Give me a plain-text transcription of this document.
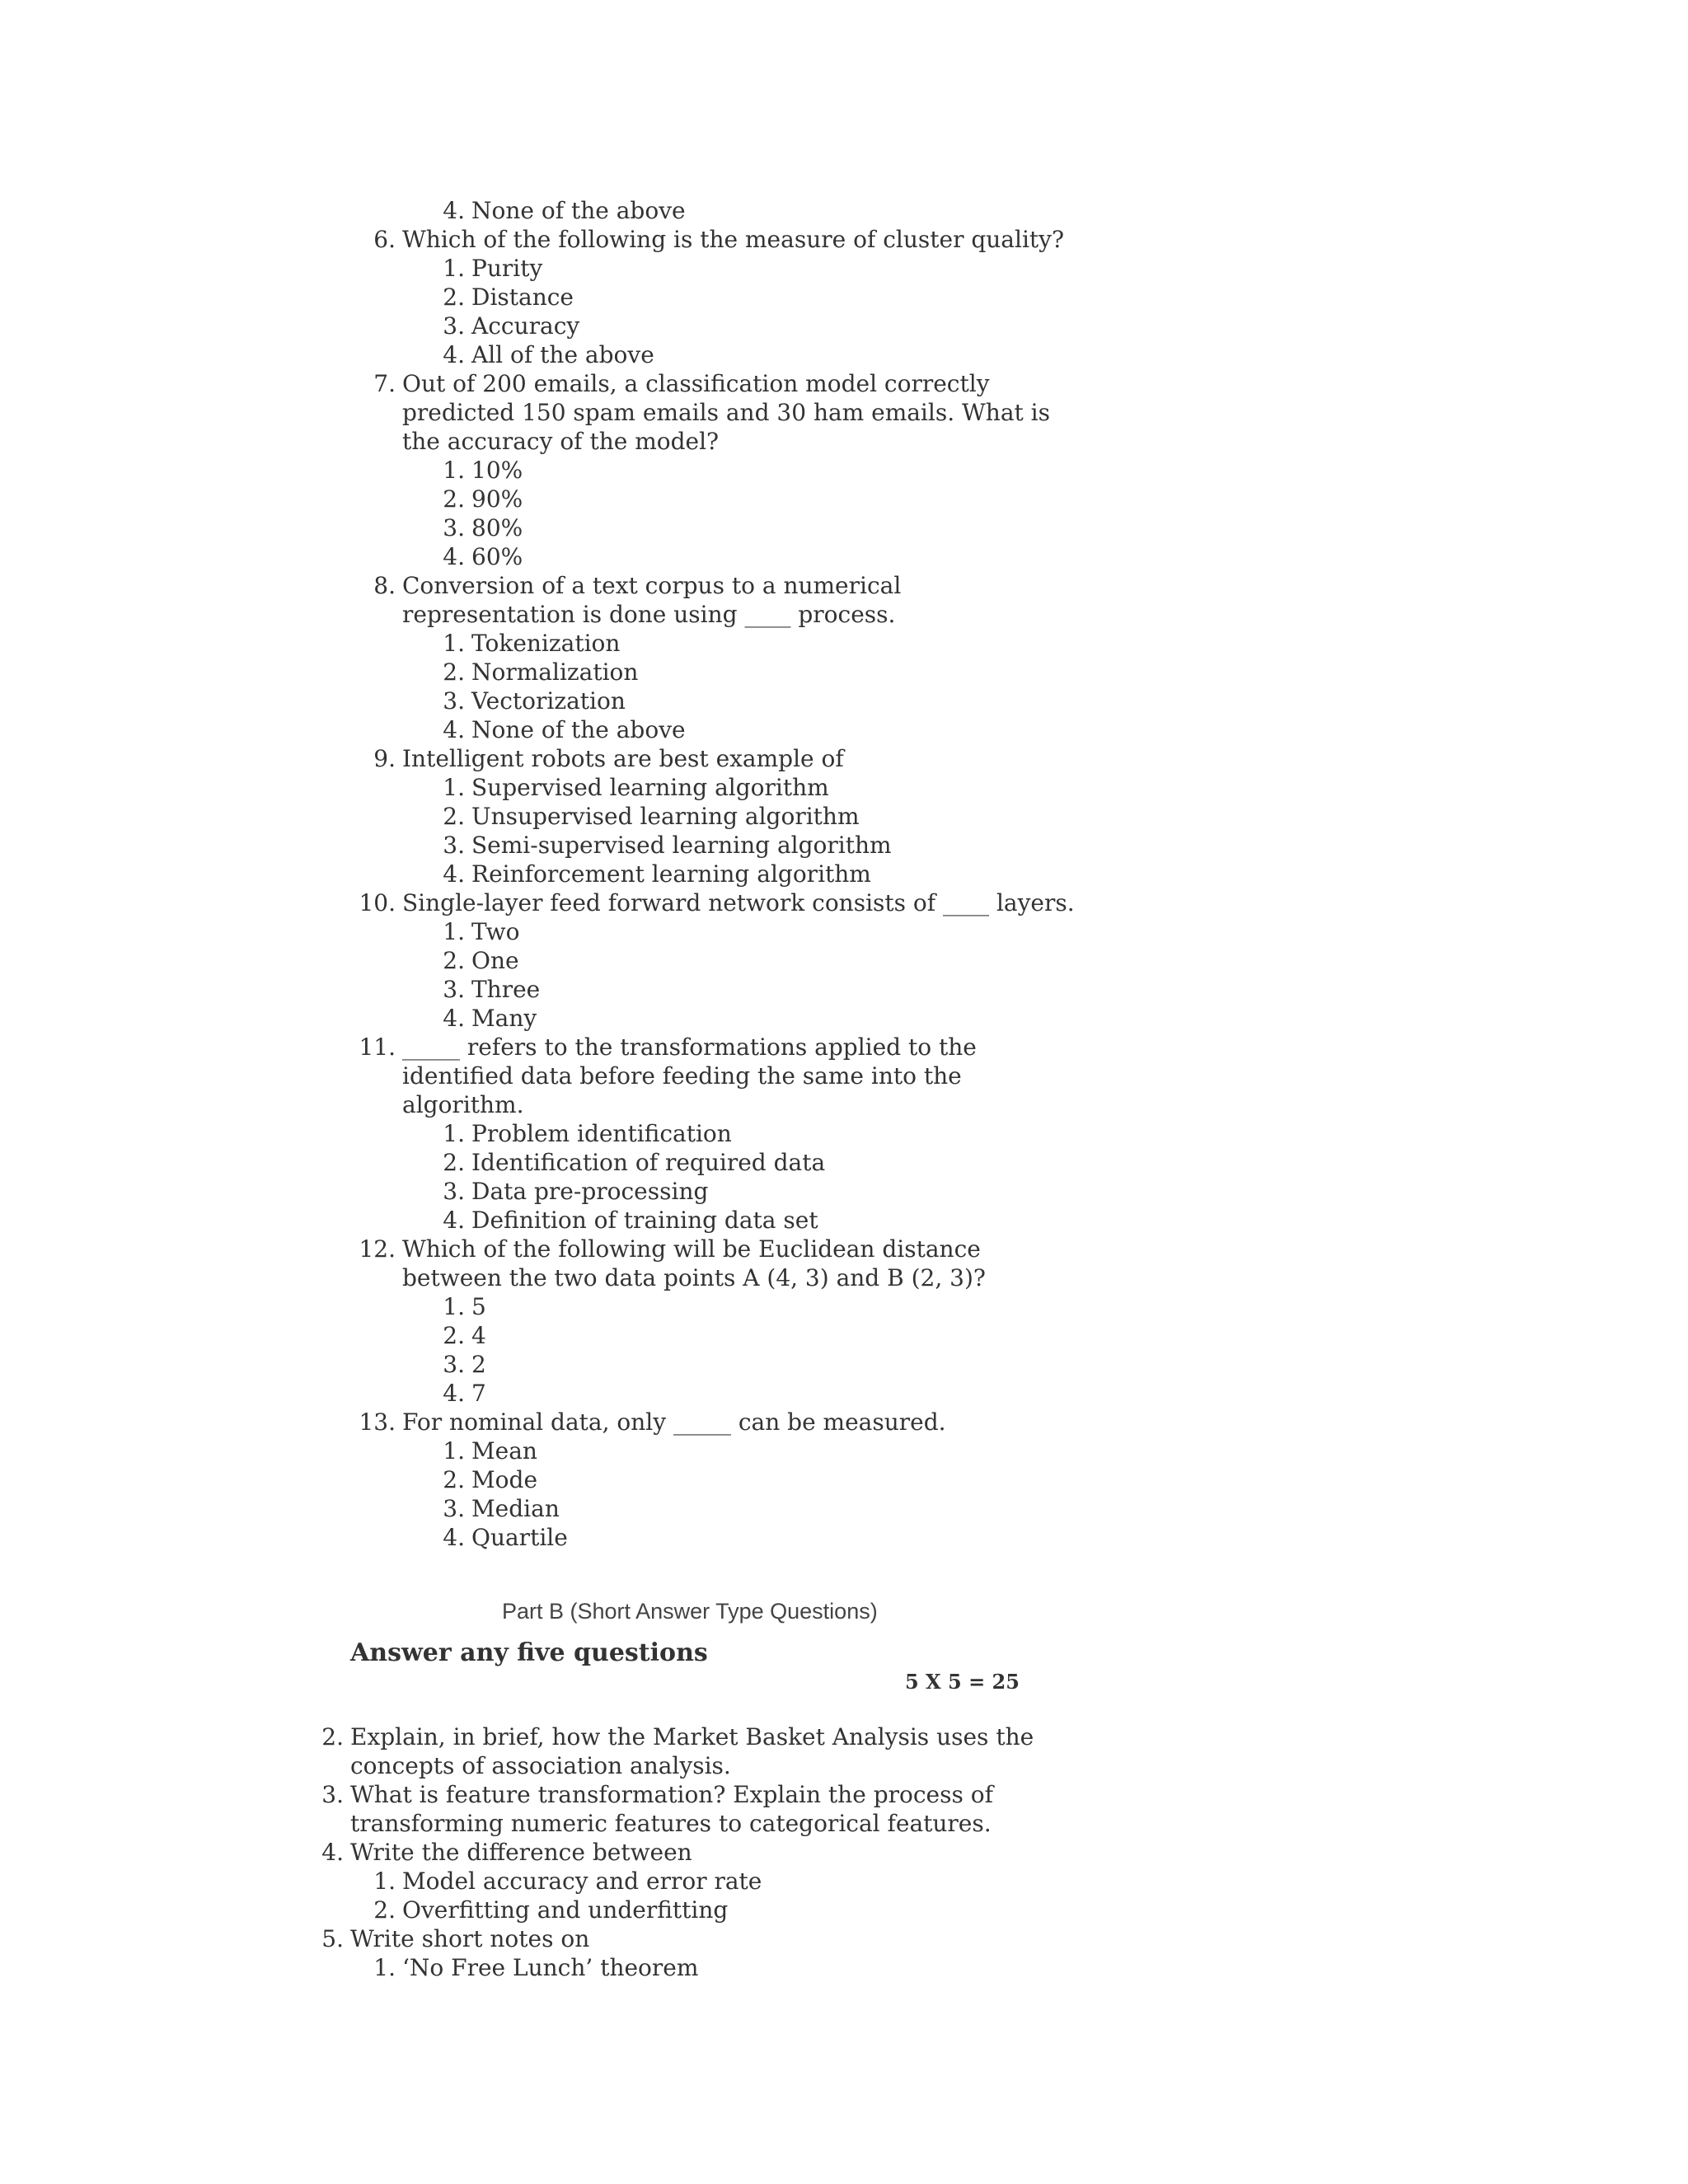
4. None of the above
6. Which of the following is the measure of cluster quality?
1. Purity
2. Distance
3. Accuracy
4. All of the above
7. Out of 200 emails, a classification model correctly
predicted 150 spam emails and 30 ham emails. What is
the accuracy of the model?
1. 10%
2. 90%
3. 80%
4. 60%
8. Conversion of a text corpus to a numerical
representation is done using ____ process.
1. Tokenization
2. Normalization
3. Vectorization
4. None of the above
9. Intelligent robots are best example of
1. Supervised learning algorithm
2. Unsupervised learning algorithm
3. Semi-supervised learning algorithm
4. Reinforcement learning algorithm
10. Single-layer feed forward network consists of ____ layers.
1. Two
2. One
3. Three
4. Many
11. _____ refers to the transformations applied to the
identified data before feeding the same into the
algorithm.
1. Problem identification
2. Identification of required data
3. Data pre-processing
4. Definition of training data set
12. Which of the following will be Euclidean distance
between the two data points A (4, 3) and B (2, 3)?
1. 5
2. 4
3. 2
4. 7
13. For nominal data, only _____ can be measured.
1. Mean
2. Mode
3. Median
4. Quartile
Part B (Short Answer Type Questions)
Answer any five questions
5 X 5 = 25
2. Explain, in brief, how the Market Basket Analysis uses the
concepts of association analysis.
3. What is feature transformation? Explain the process of
transforming numeric features to categorical features.
4. Write the difference between
1. Model accuracy and error rate
2. Overfitting and underfitting
5. Write short notes on
1. ‘No Free Lunch’ theorem
